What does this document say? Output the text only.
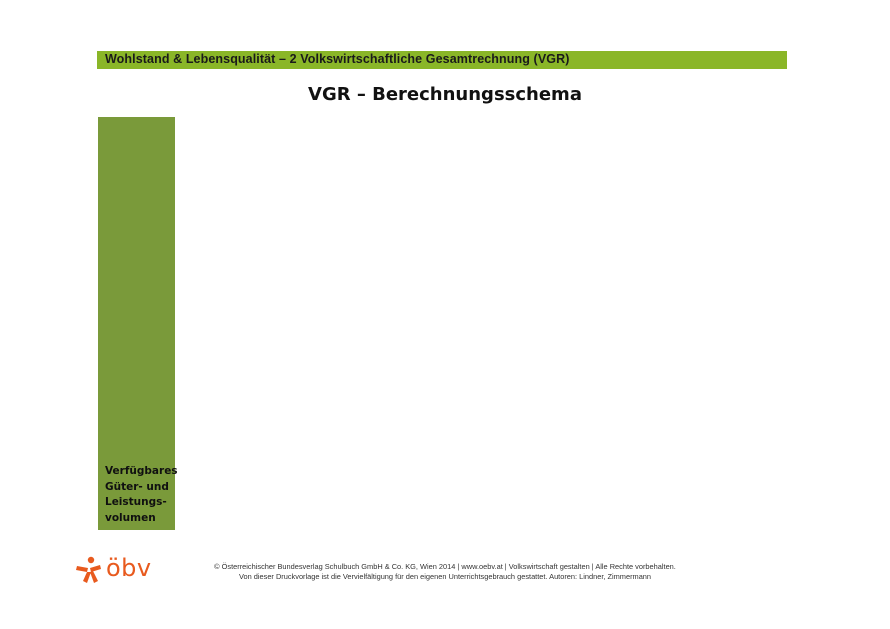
Wohlstand & Lebensqualität – 2 Volkswirtschaftliche Gesamtrechnung (VGR)
VGR – Berechnungsschema
Verfügbares
Güter- und
Leistungs-
volumen
öbv	© Österreichischer Bundesverlag Schulbuch GmbH & Co. KG, Wien 2014 | www.oebv.at | Volkswirtschaft gestalten | Alle Rechte vorbehalten.
Von dieser Druckvorlage ist die Vervielfältigung für den eigenen Unterrichtsgebrauch gestattet. Autoren: Lindner, Zimmermann
